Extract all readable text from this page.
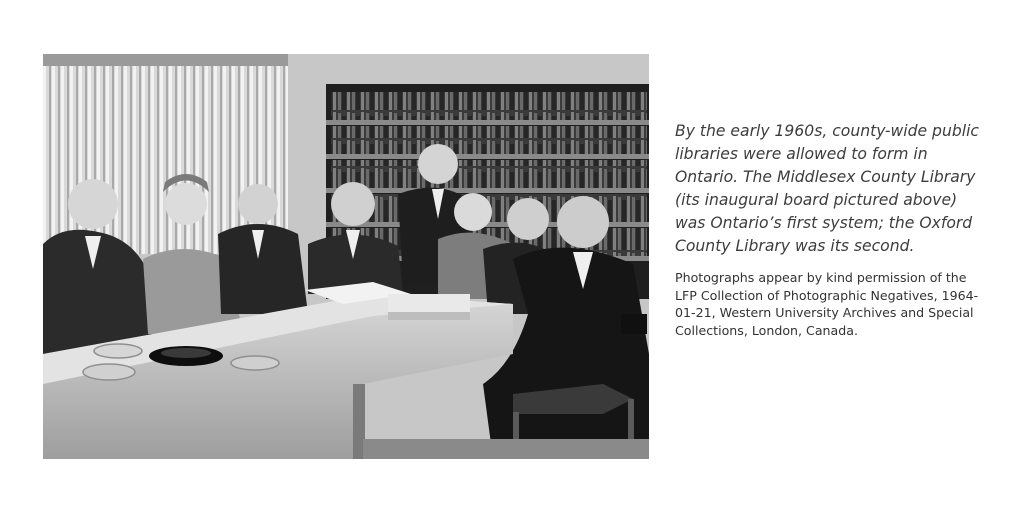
By the early 1960s, county-wide public libraries were allowed to form in Ontario. The Middlesex County Library (its inaugural board pictured above) was Ontario’s first system; the Oxford County Library was its second.

Photographs appear by kind permission of the LFP Collection of Photographic Negatives, 1964-01-21, Western University Archives and Special Collections, London, Canada.
